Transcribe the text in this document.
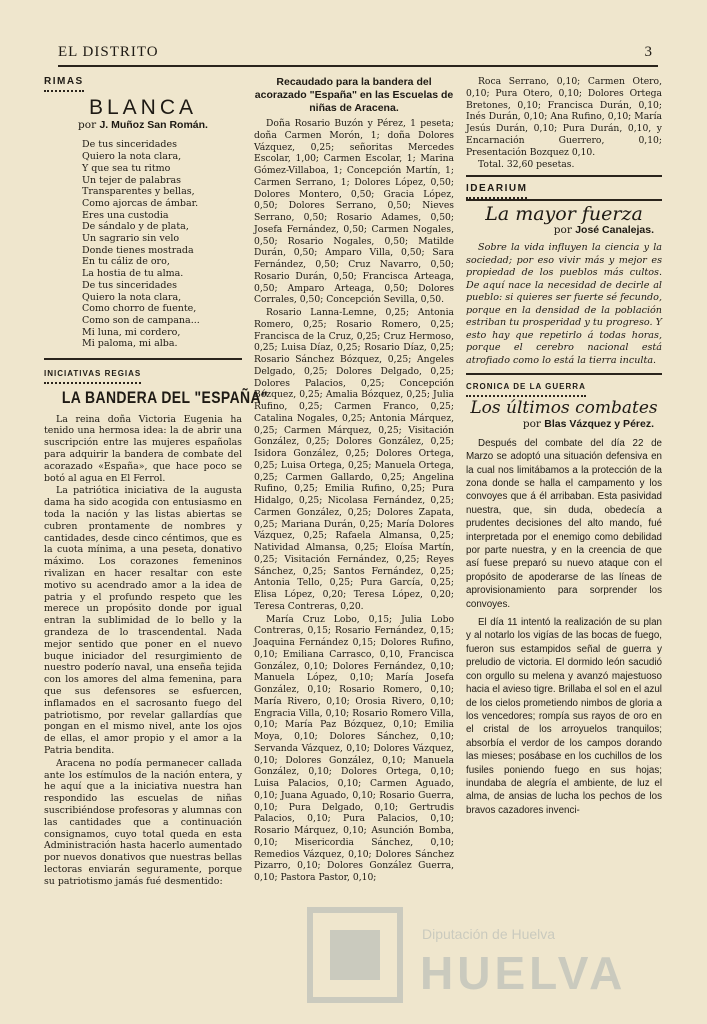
EL DISTRITO	3
RIMAS
BLANCA
por J. Muñoz San Román.
De tus sinceridades
Quiero la nota clara,
Y que sea tu ritmo
Un tejer de palabras
Transparentes y bellas,
Como ajorcas de ámbar.
Eres una custodia
De sándalo y de plata,
Un sagrario sin velo
Donde tienes mostrada
En tu cáliz de oro,
La hostia de tu alma.
De tus sinceridades
Quiero la nota clara,
Como chorro de fuente,
Como son de campana...
Mi luna, mi cordero,
Mi paloma, mi alba.
INICIATIVAS REGIAS
LA BANDERA DEL "ESPAÑA"

La reina doña Victoria Eugenia ha tenido una hermosa idea: la de abrir una suscripción entre las mujeres españolas para adquirir la bandera de combate del acorazado «España», que hace poco se botó al agua en El Ferrol.

La patriótica iniciativa de la augusta dama ha sido acogida con entusiasmo en toda la nación y las listas abiertas se cubren prontamente de nombres y cantidades, desde cinco céntimos, que es la cuota mínima, a una peseta, donativo máximo. Los corazones femeninos rivalizan en hacer resaltar con este motivo su acendrado amor a la idea de patria y el profundo respeto que les merece un propósito donde por igual entran la sublimidad de lo bello y la grandeza de lo trascendental. Nada mejor sentido que poner en el nuevo buque iniciador del resurgimiento de nuestro poderío naval, una enseña tejida con los amores del alma femenina, para que sus defensores se esfuercen, inflamados en el sacrosanto fuego del patriotismo, por revelar gallardías que pongan en el mismo nivel, ante los ojos de ellas, el amor propio y el amor a la Patria bendita.

Aracena no podía permanecer callada ante los estímulos de la nación entera, y he aquí que a la iniciativa nuestra han respondido las escuelas de niñas suscribiéndose profesoras y alumnas con las cantidades que a continuación consignamos, cuyo total queda en esta Administración hasta hacerlo aumentado por nuevos donativos que nuestras bellas lectoras enviarán seguramente, porque su patriotismo jamás fué desmentido:

Recaudado para la bandera del acorazado "España" en las Escuelas de niñas de Aracena.

Doña Rosario Buzón y Pérez, 1 peseta; doña Carmen Morón, 1; doña Dolores Vázquez, 0,25; señoritas Mercedes Escolar, 1,00; Carmen Escolar, 1; Marina Gómez-Villaboa, 1; Concepción Martín, 1; Carmen Serrano, 1; Dolores López, 0,50; Dolores Montero, 0,50; Gracia López, 0,50; Dolores Serrano, 0,50; Nieves Serrano, 0,50; Rosario Adames, 0,50; Josefa Fernández, 0,50; Carmen Nogales, 0,50; Rosario Nogales, 0,50; Matilde Durán, 0,50; Amparo Villa, 0,50; Sara Fernández, 0,50; Cruz Navarro, 0,50; Rosario Durán, 0,50; Francisca Arteaga, 0,50; Amparo Arteaga, 0,50; Dolores Corrales, 0,50; Concepción Sevilla, 0,50.

Rosario Lanna-Lemne, 0,25; Antonia Romero, 0,25; Rosario Romero, 0,25; Francisca de la Cruz, 0,25; Cruz Hermoso, 0,25; Luisa Díaz, 0,25; Rosario Díaz, 0,25; Rosario Sánchez Bózquez, 0,25; Angeles Delgado, 0,25; Dolores Delgado, 0,25; Dolores Palacios, 0,25; Concepción Bózquez, 0,25; Amalia Bózquez, 0,25; Julia Rufino, 0,25; Carmen Franco, 0,25; Catalina Nogales, 0,25; Antonia Márquez, 0,25; Carmen Márquez, 0,25; Visitación González, 0,25; Dolores González, 0,25; Isidora González, 0,25; Dolores Ortega, 0,25; Luisa Ortega, 0,25; Manuela Ortega, 0,25; Carmen Gallardo, 0,25; Angelina Rufino, 0,25; Emilia Rufino, 0,25; Pura Hidalgo, 0,25; Nicolasa Fernández, 0,25; Carmen González, 0,25; Dolores Zapata, 0,25; Mariana Durán, 0,25; María Dolores Vázquez, 0,25; Rafaela Almansa, 0,25; Natividad Almansa, 0,25; Eloísa Martín, 0,25; Visitación Fernández, 0,25; Reyes Sánchez, 0,25; Santos Fernández, 0,25; Antonia Tello, 0,25; Pura García, 0,25; Elisa López, 0,20; Teresa López, 0,20; Teresa Contreras, 0,20.

María Cruz Lobo, 0,15; Julia Lobo Contreras, 0,15; Rosario Fernández, 0,15; Joaquina Fernández 0,15; Dolores Rufino, 0,10; Emiliana Carrasco, 0,10, Francisca González, 0,10; Dolores Fernández, 0,10; Manuela López, 0,10; María Josefa González, 0,10; Rosario Romero, 0,10; María Rivero, 0,10; Orosia Rivero, 0,10; Engracia Villa, 0,10; Rosario Romero Villa, 0,10; María Paz Bózquez, 0,10; Emilia Moya, 0,10; Dolores Sánchez, 0,10; Servanda Vázquez, 0,10; Dolores Vázquez, 0,10; Dolores González, 0,10; Manuela González, 0,10; Dolores Ortega, 0,10; Luisa Palacios, 0,10; Carmen Aguado, 0,10; Juana Aguado, 0,10; Rosario Guerra, 0,10; Pura Delgado, 0,10; Gertrudis Palacios, 0,10; Pura Palacios, 0,10; Rosario Márquez, 0,10; Asunción Bomba, 0,10; Misericordia Sánchez, 0,10; Remedios Vázquez, 0,10; Dolores Sánchez Pizarro, 0,10; Dolores González Guerra, 0,10; Pastora Pastor, 0,10;

Roca Serrano, 0,10; Carmen Otero, 0,10; Pura Otero, 0,10; Dolores Ortega Bretones, 0,10; Francisca Durán, 0,10; Inés Durán, 0,10; Ana Rufino, 0,10; María Jesús Durán, 0,10; Pura Durán, 0,10, y Encarnación Guerrero, 0,10; Presentación Bozquez 0,10.

Total. 32,60 pesetas.

IDEARIUM
La mayor fuerza
por José Canalejas.

Sobre la vida influyen la ciencia y la sociedad; por eso vivir más y mejor es propiedad de los pueblos más cultos. De aquí nace la necesidad de decirle al pueblo: si quieres ser fuerte sé fecundo, porque en la densidad de la población estriban tu prosperidad y tu progreso. Y esto hay que repetirlo á todas horas, porque el cerebro nacional está atrofiado como lo está la tierra inculta.

CRONICA DE LA GUERRA
Los últimos combates
por Blas Vázquez y Pérez.

Después del combate del día 22 de Marzo se adoptó una situación defensiva en la cual nos limitábamos a la protección de la zona donde se halla el campamento y los convoyes que á él arribaban. Esta pasividad nuestra, que, sin duda, obedecía a prudentes decisiones del alto mando, fué interpretada por el enemigo como debilidad por parte nuestra, y en la creencia de que así fuese preparó su nuevo ataque con el propósito de apoderarse de las líneas de aprovisionamiento para sorprender los convoyes.

El día 11 intentó la realización de su plan y al notarlo los vigías de las bocas de fuego, fueron sus estampidos señal de guerra y preludio de victoria. El dormido león sacudió con orgullo su melena y avanzó majestuoso hacia el avieso tigre. Brillaba el sol en el azul de los cielos prometiendo nimbos de gloria a los vencedores; rompía sus rayos de oro en el cristal de los arroyuelos tranquilos; absorbía el verdor de los campos dorando las mieses; posábase en los cuchillos de los fusiles poniendo fuego en sus hojas; inundaba de alegría el ambiente, de luz el alma, de ansias de lucha los pechos de los bravos cazadores invenci-

Diputación de Huelva
HUELVA
